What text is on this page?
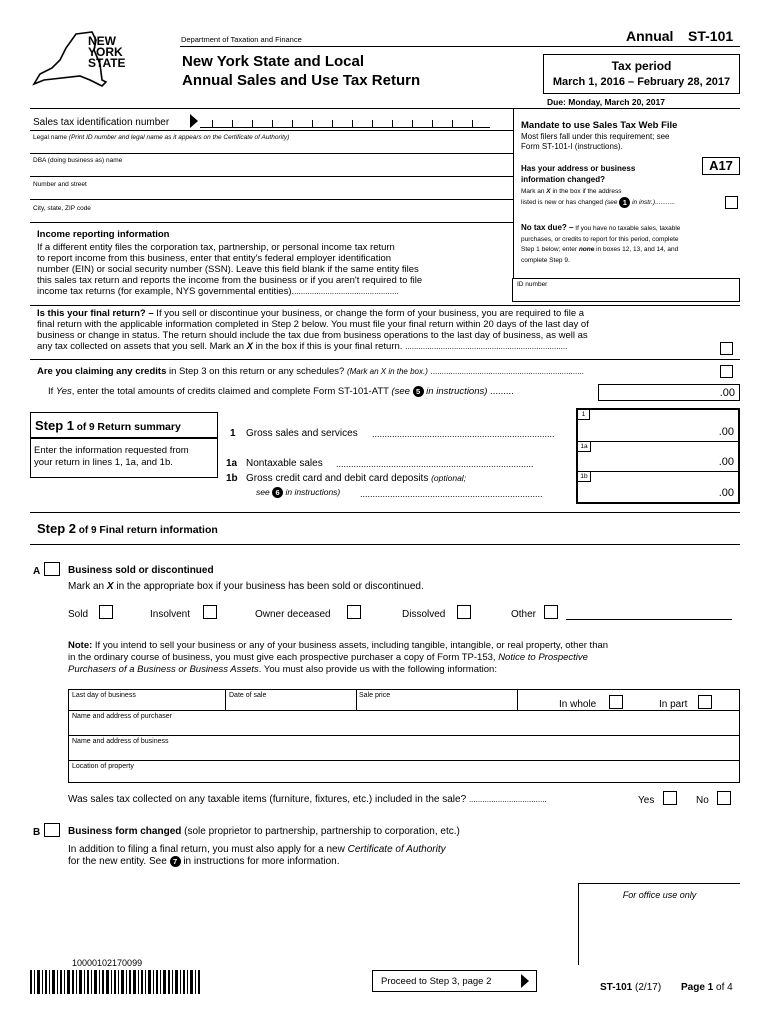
NEW
YORK
STATE
Department of Taxation and Finance	Annual ST-101
New York State and Local
Annual Sales and Use Tax Return
Tax period
March 1, 2016 – February 28, 2017
Due: Monday, March 20, 2017
Sales tax identification number
Legal name (Print ID number and legal name as it appears on the Certificate of Authority)
DBA (doing business as) name
Number and street
City, state, ZIP code
Income reporting information
If a different entity files the corporation tax, partnership, or personal income tax return
to report income from this business, enter that entity's federal employer identification
number (EIN) or social security number (SSN). Leave this field blank if the same entity files
this sales tax return and reports the income from the business or if you aren't required to file
income tax returns (for example, NYS governmental entities)................................................
ID number
Mandate to use Sales Tax Web File
Most filers fall under this requirement; see
Form ST-101-I (instructions).
Has your address or business
information changed?
A17
Mark an X in the box if the address
listed is new or has changed (see 1 in instr.)...........
No tax due? – If you have no taxable sales, taxable
purchases, or credits to report for this period, complete
Step 1 below; enter none in boxes 12, 13, and 14, and
complete Step 9.
Is this your final return? – If you sell or discontinue your business, or change the form of your business, you are required to file a
final return with the applicable information completed in Step 2 below. You must file your final return within 20 days of the last day of
business or change in status. The return should include the tax due from business operations to the last day of business, as well as
any tax collected on assets that you sell. Mark an X in the box if this is your final return. .........................................................................
Are you claiming any credits in Step 3 on this return or any schedules? (Mark an X in the box.) .....................................................................
If Yes, enter the total amounts of credits claimed and complete Form ST-101-ATT (see 5 in instructions) .........	.00
Step 1 of 9 Return summary
Enter the information requested from
your return in lines 1, 1a, and 1b.
1 Gross sales and services .........................................................................
1a Nontaxable sales ...............................................................................
1b Gross credit card and debit card deposits (optional;
see 6 in instructions) .........................................................................
1
.00
1a
.00
1b
.00
Step 2 of 9 Final return information
A	Business sold or discontinued
Mark an X in the appropriate box if your business has been sold or discontinued.
Sold	Insolvent	Owner deceased	Dissolved	Other
Note: If you intend to sell your business or any of your business assets, including tangible, intangible, or real property, other than
in the ordinary course of business, you must give each prospective purchaser a copy of Form TP-153, Notice to Prospective
Purchasers of a Business or Business Assets. You must also provide us with the following information:
Last day of business	Date of sale	Sale price
In whole	In part
Name and address of purchaser
Name and address of business
Location of property
Was sales tax collected on any taxable items (furniture, fixtures, etc.) included in the sale? ...................................	Yes	No
B	Business form changed (sole proprietor to partnership, partnership to corporation, etc.)
In addition to filing a final return, you must also apply for a new Certificate of Authority
for the new entity. See 7 in instructions for more information.
For office use only
10000102170099
Proceed to Step 3, page 2
ST-101 (2/17) Page 1 of 4
